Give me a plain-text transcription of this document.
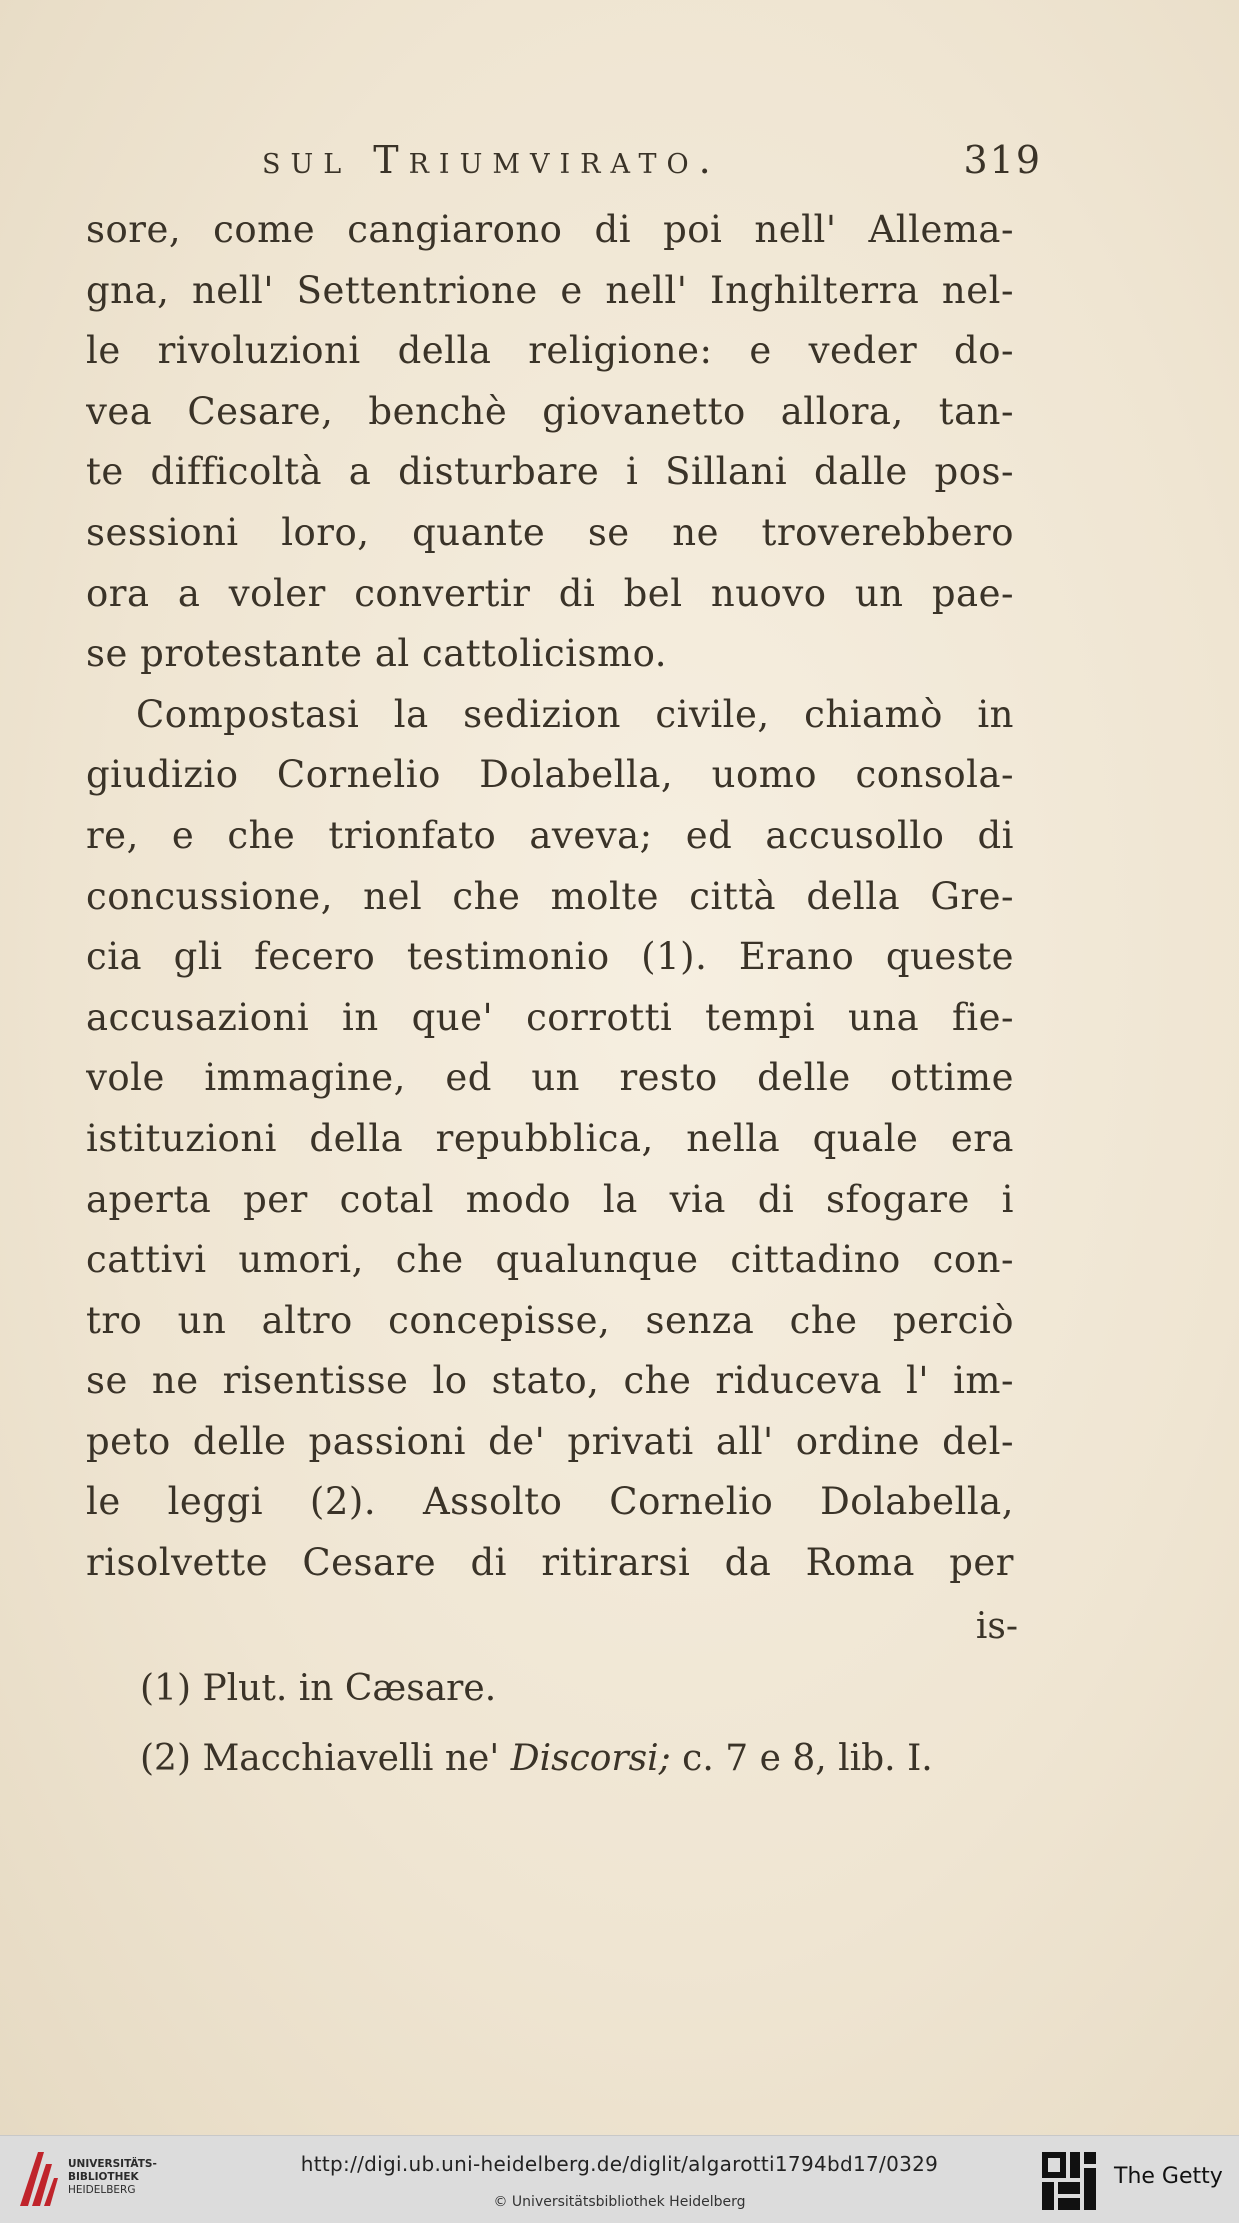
sul Triumvirato.	319
sore, come cangiarono di poi nell' Allema-
gna, nell' Settentrione e nell' Inghilterra nel-
le rivoluzioni della religione: e veder do-
vea Cesare, benchè giovanetto allora, tan-
te difficoltà a disturbare i Sillani dalle pos-
sessioni loro, quante se ne troverebbero
ora a voler convertir di bel nuovo un pae-
se protestante al cattolicismo.
Compostasi la sedizion civile, chiamò in
giudizio Cornelio Dolabella, uomo consola-
re, e che trionfato aveva; ed accusollo di
concussione, nel che molte città della Gre-
cia gli fecero testimonio (1). Erano queste
accusazioni in que' corrotti tempi una fie-
vole immagine, ed un resto delle ottime
istituzioni della repubblica, nella quale era
aperta per cotal modo la via di sfogare i
cattivi umori, che qualunque cittadino con-
tro un altro concepisse, senza che perciò
se ne risentisse lo stato, che riduceva l' im-
peto delle passioni de' privati all' ordine del-
le leggi (2). Assolto Cornelio Dolabella,
risolvette Cesare di ritirarsi da Roma per
is-
(1) Plut. in Cæsare.
(2) Macchiavelli ne' Discorsi; c. 7 e 8, lib. I.
UNIVERSITÄTS-
BIBLIOTHEK
HEIDELBERG
http://digi.ub.uni-heidelberg.de/diglit/algarotti1794bd17/0329
© Universitätsbibliothek Heidelberg
The Getty
